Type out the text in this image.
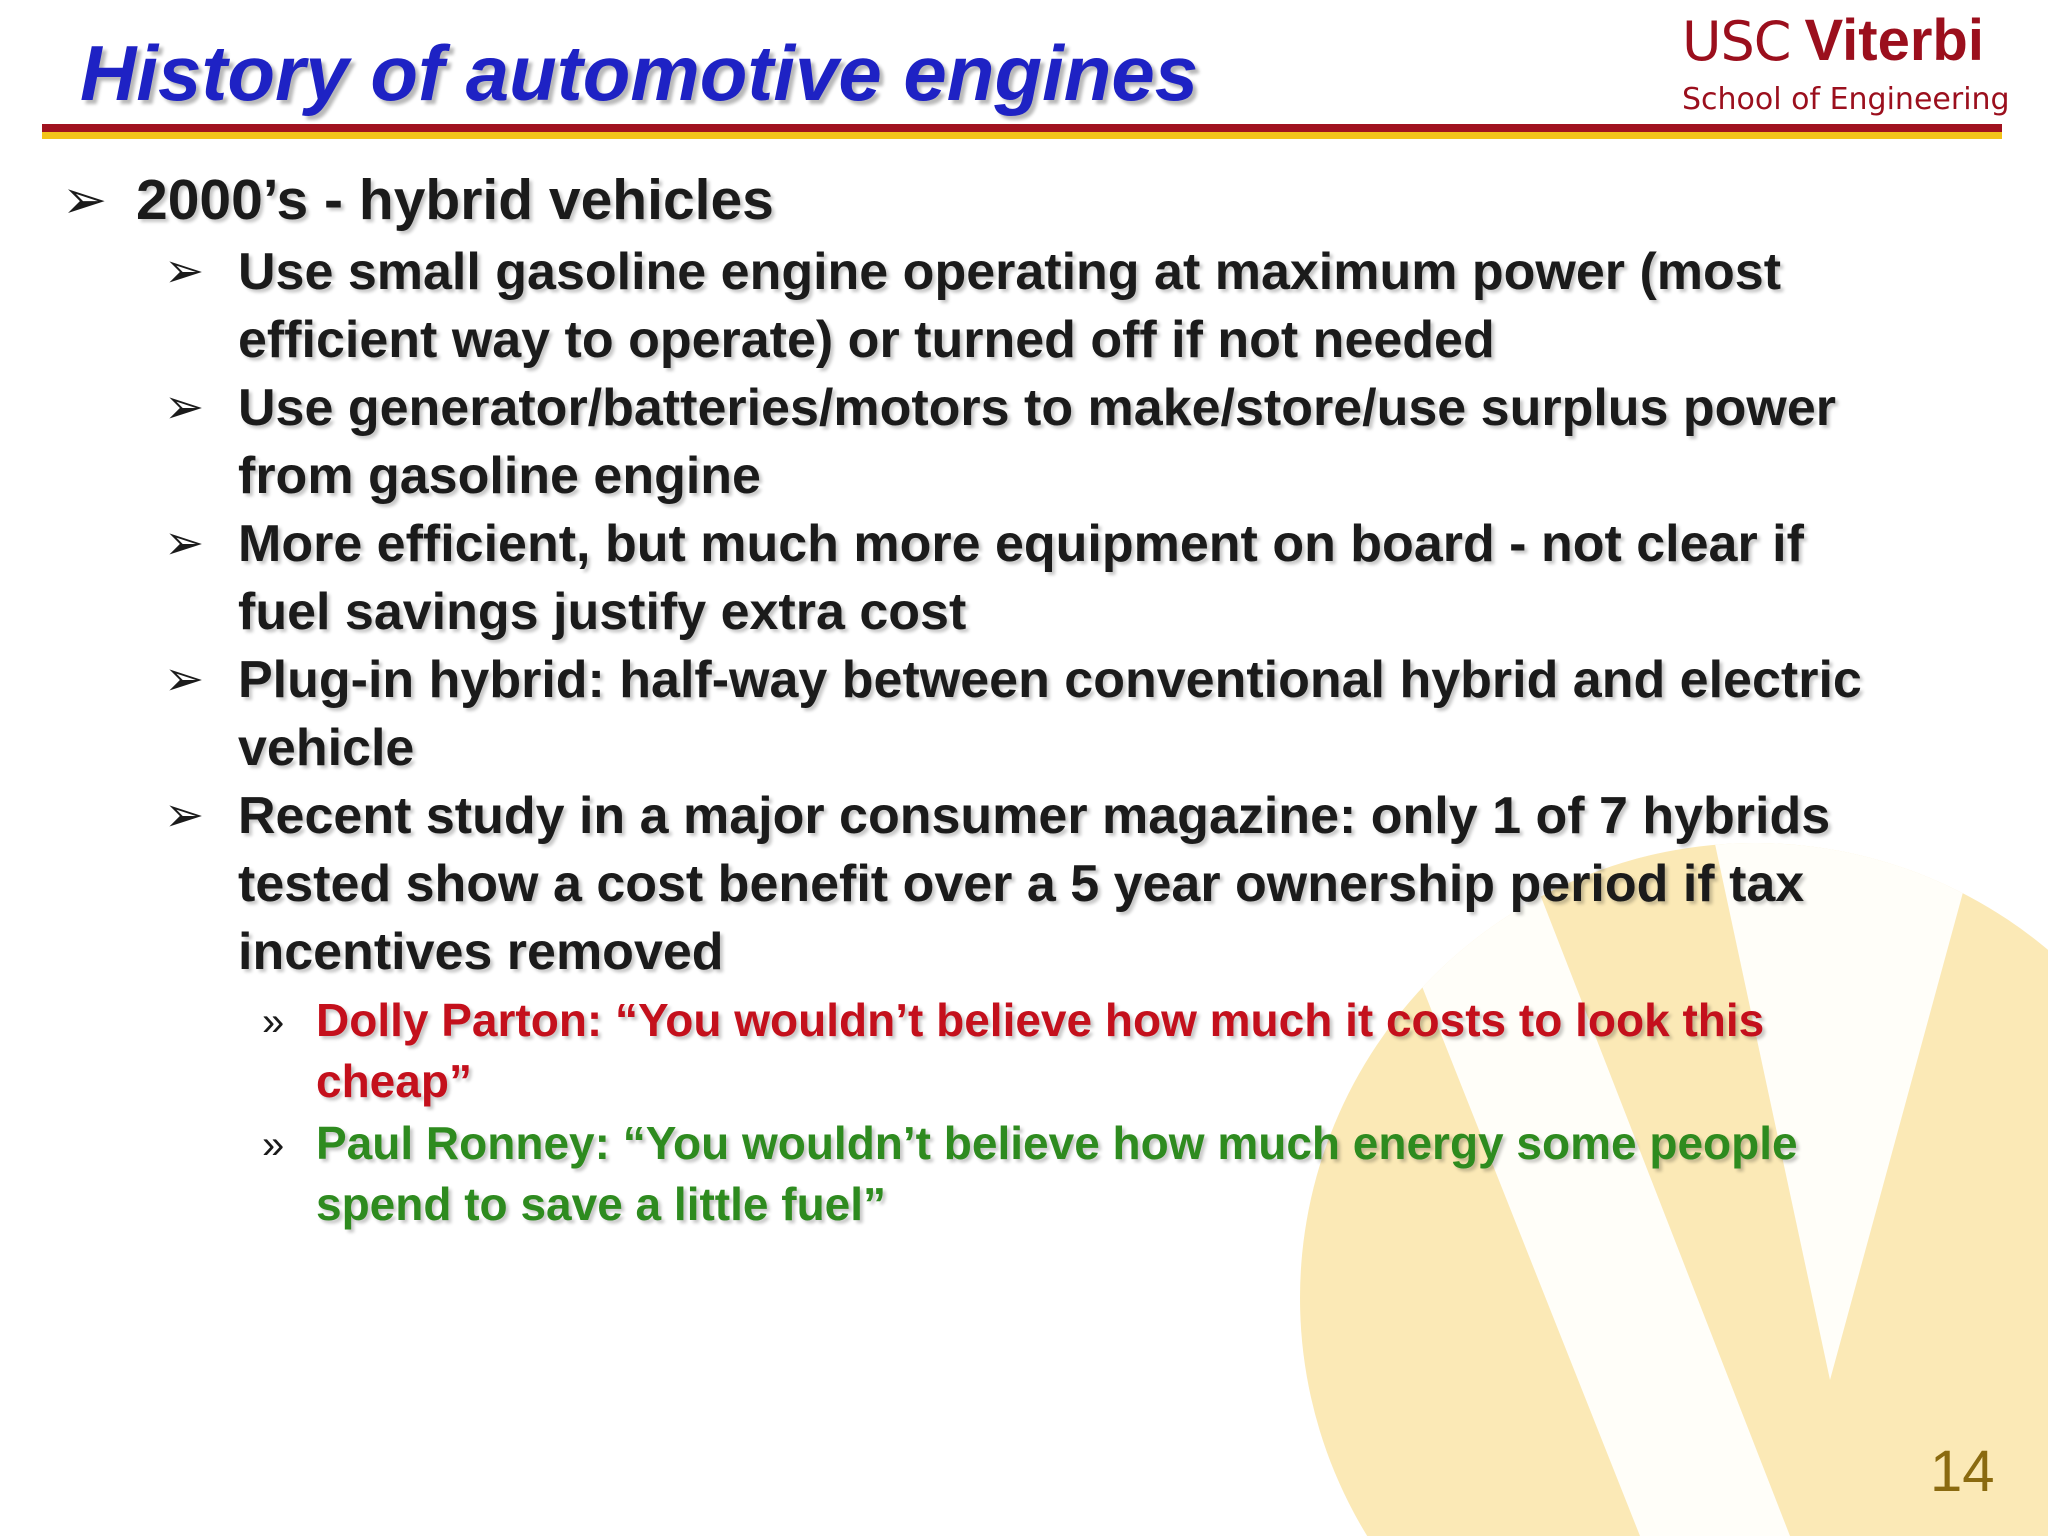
History of automotive engines	USC Viterbi
School of Engineering
➢ 2000’s - hybrid vehicles
➢ Use small gasoline engine operating at maximum power (most efficient way to operate) or turned off if not needed
➢ Use generator/batteries/motors to make/store/use surplus power from gasoline engine
➢ More efficient, but much more equipment on board - not clear if fuel savings justify extra cost
➢ Plug-in hybrid: half-way between conventional hybrid and electric vehicle
➢ Recent study in a major consumer magazine: only 1 of 7 hybrids tested show a cost benefit over a 5 year ownership period if tax incentives removed
» Dolly Parton: “You wouldn’t believe how much it costs to look this cheap”
» Paul Ronney: “You wouldn’t believe how much energy some people spend to save a little fuel”
14
